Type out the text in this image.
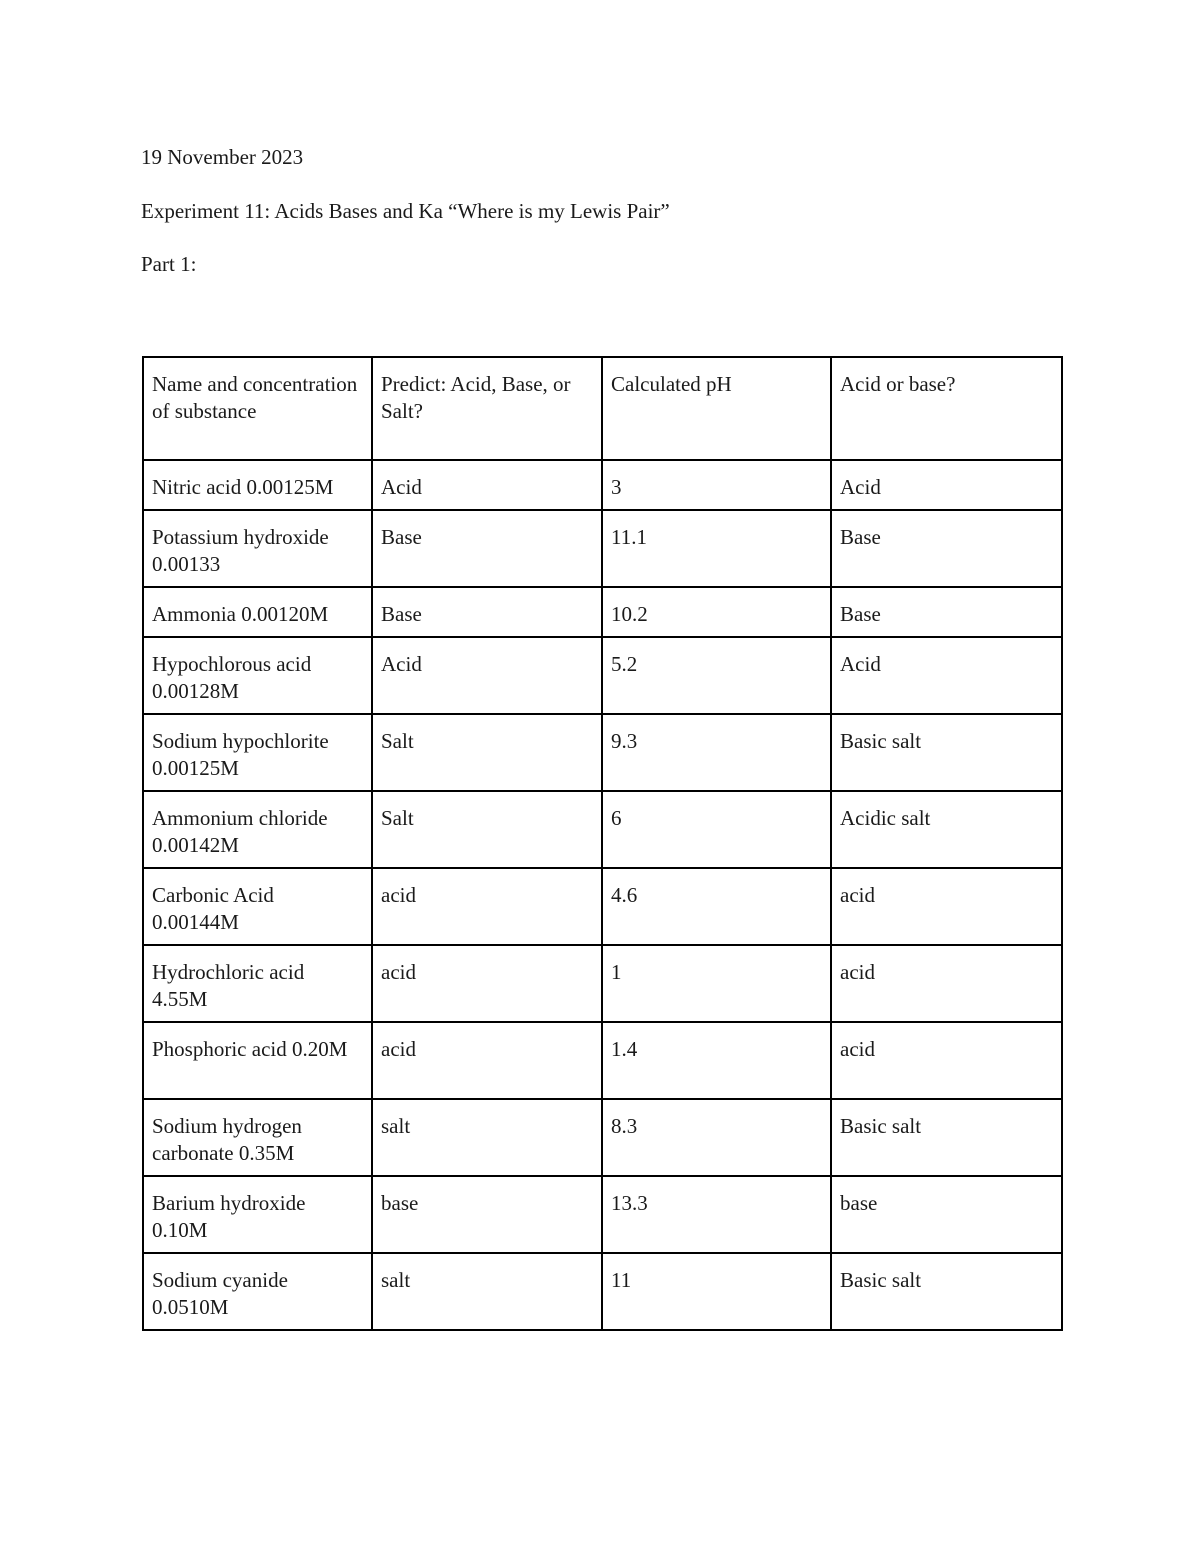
19 November 2023
Experiment 11: Acids Bases and Ka “Where is my Lewis Pair”
Part 1:
Name and concentration of substance	Predict: Acid, Base, or Salt?	Calculated pH	Acid or base?
Nitric acid 0.00125M	Acid	3	Acid
Potassium hydroxide 0.00133	Base	11.1	Base
Ammonia 0.00120M	Base	10.2	Base
Hypochlorous acid 0.00128M	Acid	5.2	Acid
Sodium hypochlorite 0.00125M	Salt	9.3	Basic salt
Ammonium chloride 0.00142M	Salt	6	Acidic salt
Carbonic Acid 0.00144M	acid	4.6	acid
Hydrochloric acid 4.55M	acid	1	acid
Phosphoric acid 0.20M	acid	1.4	acid
Sodium hydrogen carbonate 0.35M	salt	8.3	Basic salt
Barium hydroxide 0.10M	base	13.3	base
Sodium cyanide 0.0510M	salt	11	Basic salt
